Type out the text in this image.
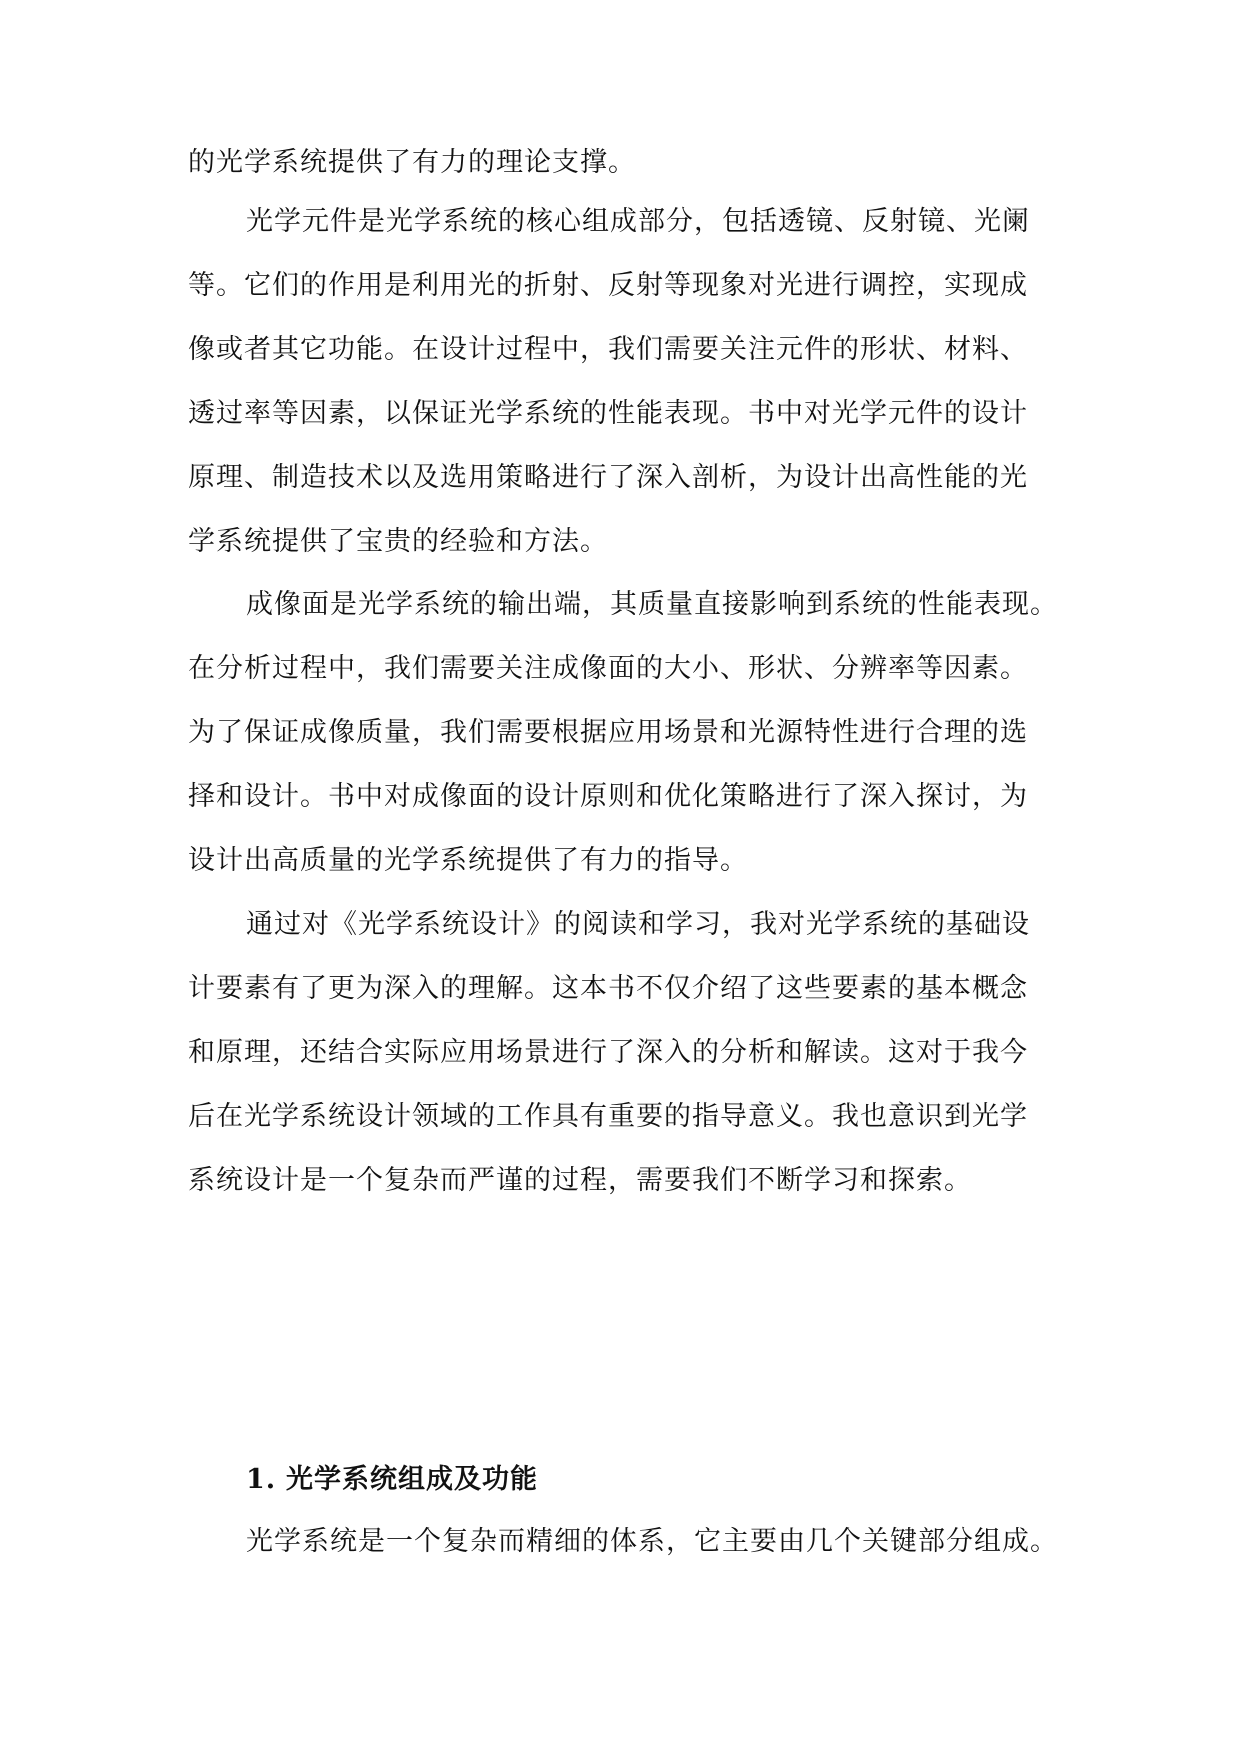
的光学系统提供了有力的理论支撑。
光学元件是光学系统的核心组成部分，包括透镜、反射镜、光阑
等。它们的作用是利用光的折射、反射等现象对光进行调控，实现成
像或者其它功能。在设计过程中，我们需要关注元件的形状、材料、
透过率等因素，以保证光学系统的性能表现。书中对光学元件的设计
原理、制造技术以及选用策略进行了深入剖析，为设计出高性能的光
学系统提供了宝贵的经验和方法。
成像面是光学系统的输出端，其质量直接影响到系统的性能表现。
在分析过程中，我们需要关注成像面的大小、形状、分辨率等因素。
为了保证成像质量，我们需要根据应用场景和光源特性进行合理的选
择和设计。书中对成像面的设计原则和优化策略进行了深入探讨，为
设计出高质量的光学系统提供了有力的指导。
通过对《光学系统设计》的阅读和学习，我对光学系统的基础设
计要素有了更为深入的理解。这本书不仅介绍了这些要素的基本概念
和原理，还结合实际应用场景进行了深入的分析和解读。这对于我今
后在光学系统设计领域的工作具有重要的指导意义。我也意识到光学
系统设计是一个复杂而严谨的过程，需要我们不断学习和探索。
1. 光学系统组成及功能
光学系统是一个复杂而精细的体系，它主要由几个关键部分组成。
